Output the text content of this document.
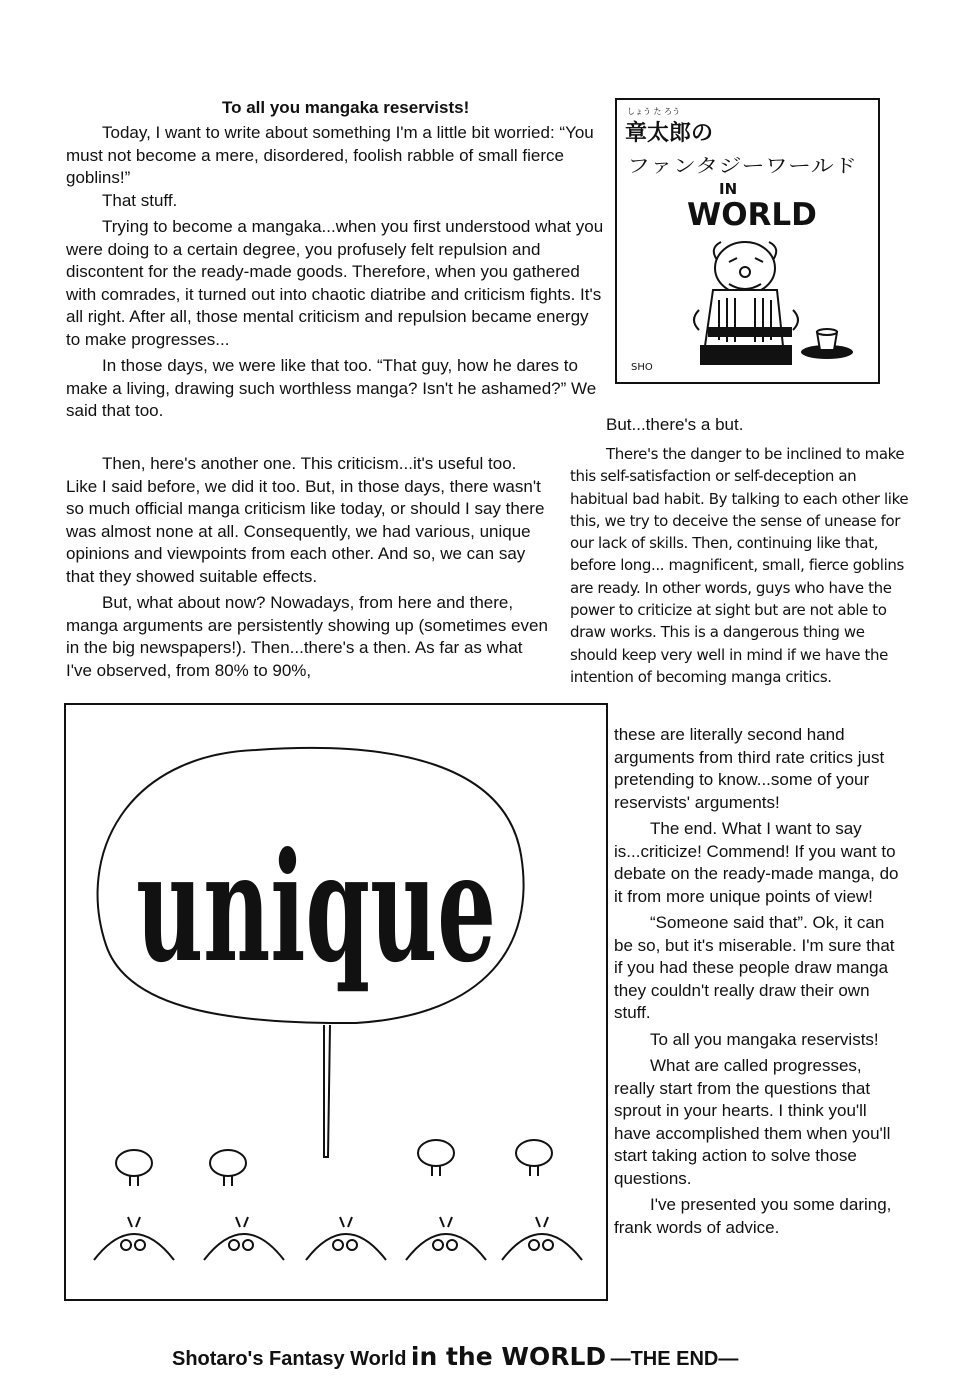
To all you mangaka reservists!

Today, I want to write about something I'm a little bit worried: “You must not become a mere, disordered, foolish rabble of small fierce goblins!”

That stuff.

Trying to become a mangaka...when you first understood what you were doing to a certain degree, you profusely felt repulsion and discontent for the ready-made goods. Therefore, when you gathered with comrades, it turned out into chaotic diatribe and criticism fights. It's all right. After all, those mental criticism and repulsion became energy to make progresses...

In those days, we were like that too. “That guy, how he dares to make a living, drawing such worthless manga? Isn't he ashamed?” We said that too.

Then, here's another one. This criticism...it's useful too. Like I said before, we did it too. But, in those days, there wasn't so much official manga criticism like today, or should I say there was almost none at all. Consequently, we had various, unique opinions and viewpoints from each other. And so, we can say that they showed suitable effects.

But, what about now? Nowadays, from here and there, manga arguments are persistently showing up (sometimes even in the big newspapers!). Then...there's a then. As far as what I've observed, from 80% to 90%,

しょう た ろう
章太郎の
ファンタジーワールド
IN
WORLD
SHO
But...there's a but.
There's the danger to be inclined to make this self-satisfaction or self-deception an habitual bad habit. By talking to each other like this, we try to deceive the sense of unease for our lack of skills. Then, continuing like that, before long... magnificent, small, fierce goblins are ready. In other words, guys who have the power to criticize at sight but are not able to draw works. This is a dangerous thing we should keep very well in mind if we have the intention of becoming manga critics.
unique

these are literally second hand arguments from third rate critics just pretending to know...some of your reservists' arguments!

The end. What I want to say is...criticize! Commend! If you want to debate on the ready-made manga, do it from more unique points of view!

“Someone said that”. Ok, it can be so, but it's miserable. I'm sure that if you had these people draw manga they couldn't really draw their own stuff.

To all you mangaka reservists!

What are called progresses, really start from the questions that sprout in your hearts. I think you'll have accomplished them when you'll start taking action to solve those questions.

I've presented you some daring, frank words of advice.

Shotaro's Fantasy World in the WORLD —THE END—
